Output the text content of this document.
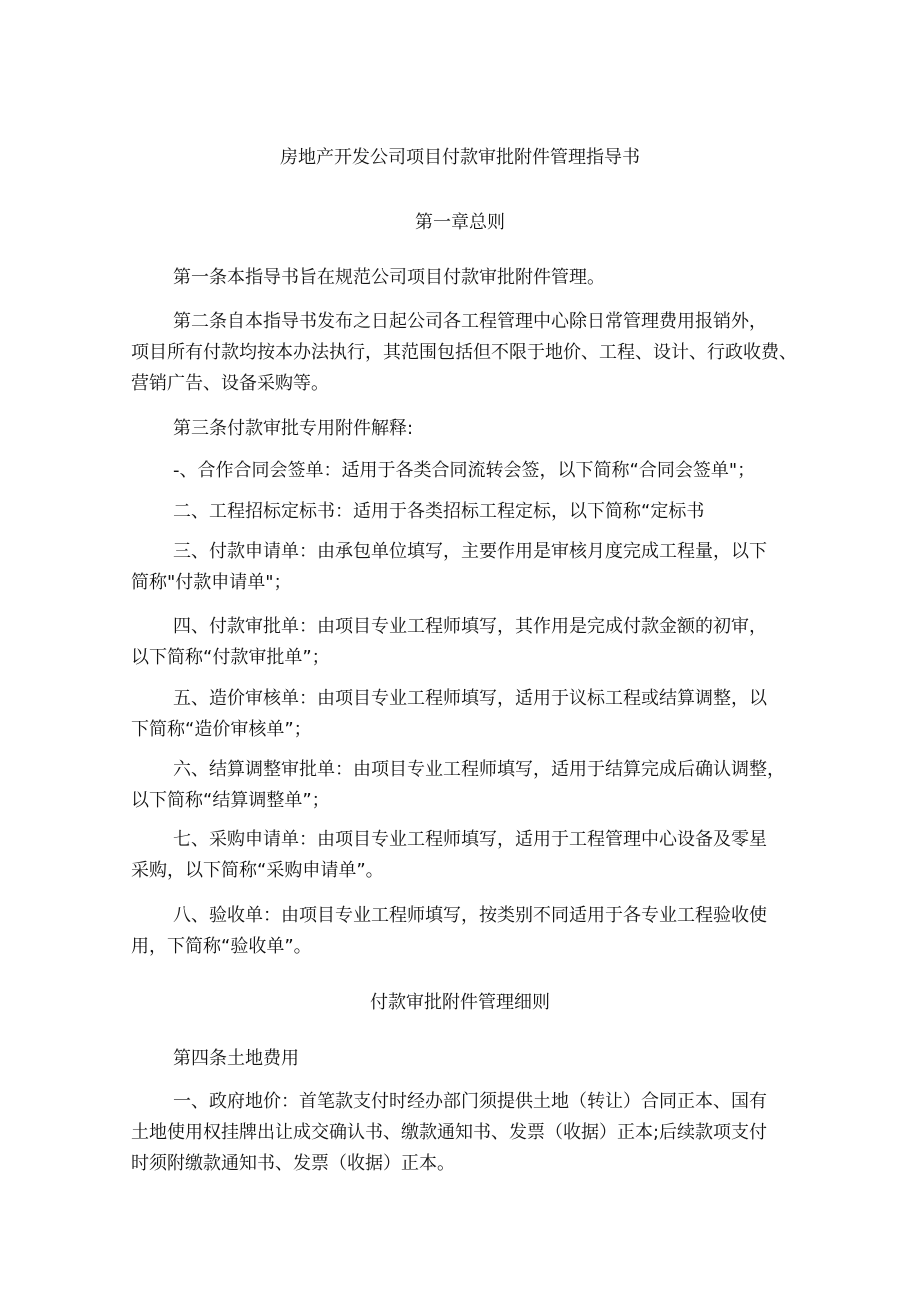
房地产开发公司项目付款审批附件管理指导书
第一章总则
第一条本指导书旨在规范公司项目付款审批附件管理。
第二条自本指导书发布之日起公司各工程管理中心除日常管理费用报销外，
项目所有付款均按本办法执行，其范围包括但不限于地价、工程、设计、行政收费、
营销广告、设备采购等。
第三条付款审批专用附件解释:
-、合作合同会签单：适用于各类合同流转会签，以下简称“合同会签单"；
二、工程招标定标书：适用于各类招标工程定标，以下简称“定标书
三、付款申请单：由承包单位填写，主要作用是审核月度完成工程量，以下
简称"付款申请单"；
四、付款审批单：由项目专业工程师填写，其作用是完成付款金额的初审，
以下简称“付款审批单”；
五、造价审核单：由项目专业工程师填写，适用于议标工程或结算调整，以
下简称“造价审核单”；
六、结算调整审批单：由项目专业工程师填写，适用于结算完成后确认调整，
以下简称“结算调整单”；
七、采购申请单：由项目专业工程师填写，适用于工程管理中心设备及零星
采购，以下简称“采购申请单”。
八、验收单：由项目专业工程师填写，按类别不同适用于各专业工程验收使
用，下简称“验收单”。
付款审批附件管理细则
第四条土地费用
一、政府地价：首笔款支付时经办部门须提供土地（转让）合同正本、国有
土地使用权挂牌出让成交确认书、缴款通知书、发票（收据）正本;后续款项支付
时须附缴款通知书、发票（收据）正本。
